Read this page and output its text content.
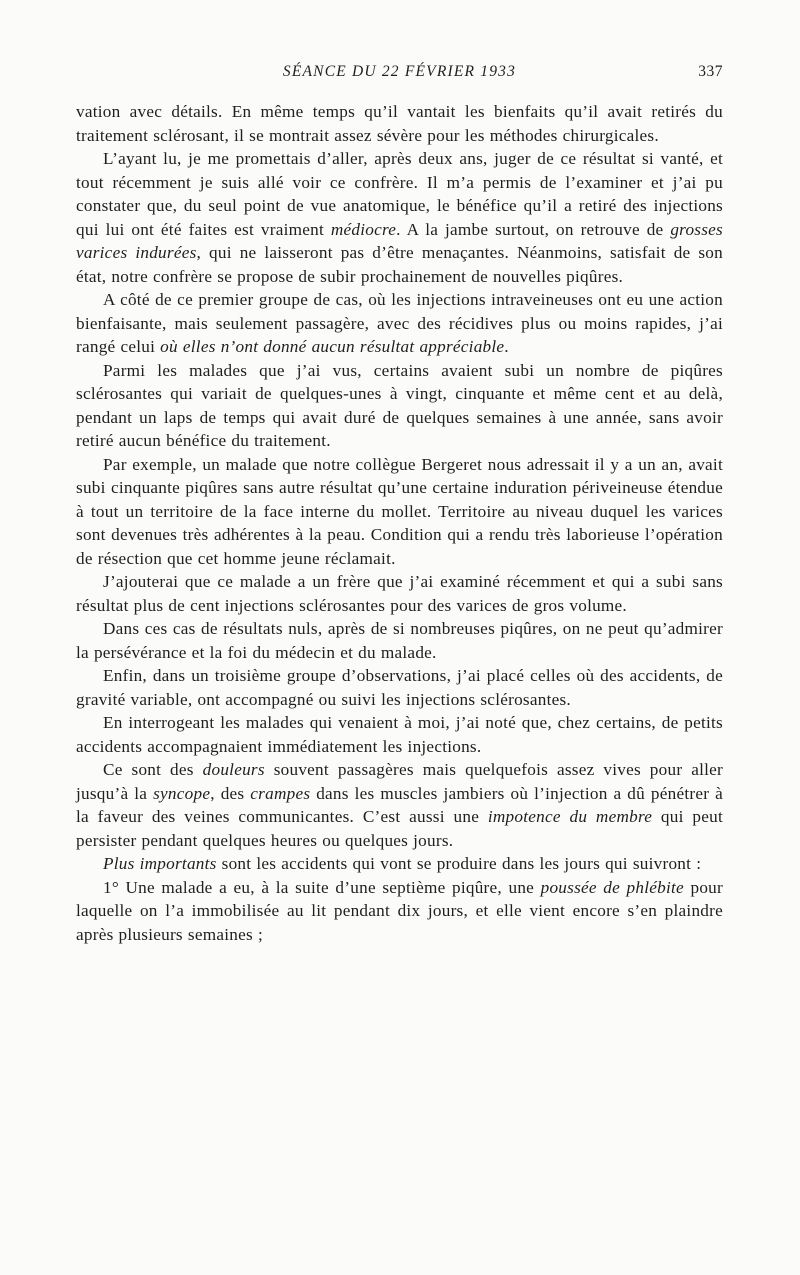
SÉANCE DU 22 FÉVRIER 1933	337

vation avec détails. En même temps qu’il vantait les bienfaits qu’il avait retirés du traitement sclérosant, il se montrait assez sévère pour les méthodes chirurgicales.

L’ayant lu, je me promettais d’aller, après deux ans, juger de ce résultat si vanté, et tout récemment je suis allé voir ce confrère. Il m’a permis de l’examiner et j’ai pu constater que, du seul point de vue anatomique, le bénéfice qu’il a retiré des injections qui lui ont été faites est vraiment médiocre. A la jambe surtout, on retrouve de grosses varices indurées, qui ne laisseront pas d’être menaçantes. Néanmoins, satisfait de son état, notre confrère se propose de subir prochainement de nouvelles piqûres.

A côté de ce premier groupe de cas, où les injections intraveineuses ont eu une action bienfaisante, mais seulement passagère, avec des récidives plus ou moins rapides, j’ai rangé celui où elles n’ont donné aucun résultat appréciable.

Parmi les malades que j’ai vus, certains avaient subi un nombre de piqûres sclérosantes qui variait de quelques-unes à vingt, cinquante et même cent et au delà, pendant un laps de temps qui avait duré de quelques semaines à une année, sans avoir retiré aucun bénéfice du traitement.

Par exemple, un malade que notre collègue Bergeret nous adressait il y a un an, avait subi cinquante piqûres sans autre résultat qu’une certaine induration périveineuse étendue à tout un territoire de la face interne du mollet. Territoire au niveau duquel les varices sont devenues très adhérentes à la peau. Condition qui a rendu très laborieuse l’opération de résection que cet homme jeune réclamait.

J’ajouterai que ce malade a un frère que j’ai examiné récemment et qui a subi sans résultat plus de cent injections sclérosantes pour des varices de gros volume.

Dans ces cas de résultats nuls, après de si nombreuses piqûres, on ne peut qu’admirer la persévérance et la foi du médecin et du malade.

Enfin, dans un troisième groupe d’observations, j’ai placé celles où des accidents, de gravité variable, ont accompagné ou suivi les injections sclérosantes.

En interrogeant les malades qui venaient à moi, j’ai noté que, chez certains, de petits accidents accompagnaient immédiatement les injections.

Ce sont des douleurs souvent passagères mais quelquefois assez vives pour aller jusqu’à la syncope, des crampes dans les muscles jambiers où l’injection a dû pénétrer à la faveur des veines communicantes. C’est aussi une impotence du membre qui peut persister pendant quelques heures ou quelques jours.

Plus importants sont les accidents qui vont se produire dans les jours qui suivront :

1° Une malade a eu, à la suite d’une septième piqûre, une poussée de phlébite pour laquelle on l’a immobilisée au lit pendant dix jours, et elle vient encore s’en plaindre après plusieurs semaines ;
